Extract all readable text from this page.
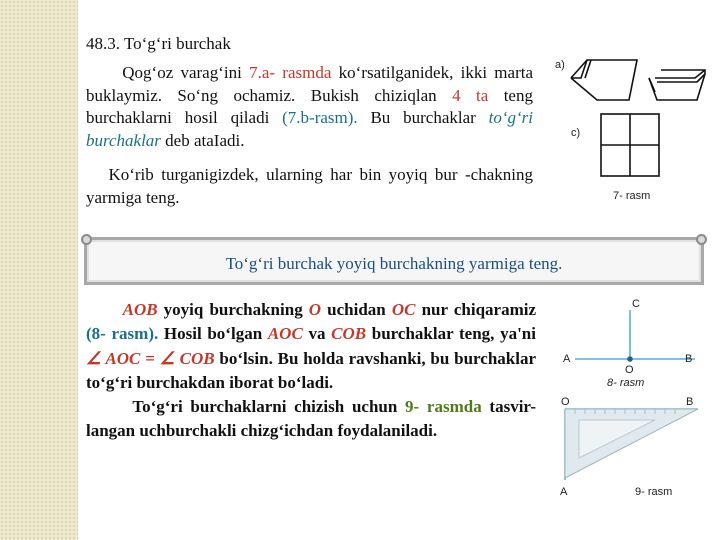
48.3. To‘g‘ri burchak
Qog‘oz varag‘ini 7.a- rasmda ko‘rsatilganidek, ikki marta buklaymiz. So‘ng ochamiz. Bukish chiziqlan 4 ta teng burchaklarni hosil qiladi (7.b-rasm). Bu burchaklar to‘g‘ri burchaklar deb ataIadi.
Ko‘rib turganigizdek, ularning har bin yoyiq bur -chakning yarmiga teng.
To‘g‘ri burchak yoyiq burchakning yarmiga teng.
AOB yoyiq burchakning O uchidan OC nur chiqaramiz (8- rasm). Hosil bo‘lgan AOC va COB burchaklar teng, ya'ni ∠ AOC = ∠ COB bo‘lsin. Bu holda ravshanki, bu burchaklar to‘g‘ri burchakdan iborat bo‘ladi.
To‘g‘ri burchaklarni chizish uchun 9- rasmda tasvir-langan uchburchakli chizg‘ichdan foydalaniladi.
a)
c)
7- rasm
C
A	B
O
8- rasm
O	B
A	9- rasm
